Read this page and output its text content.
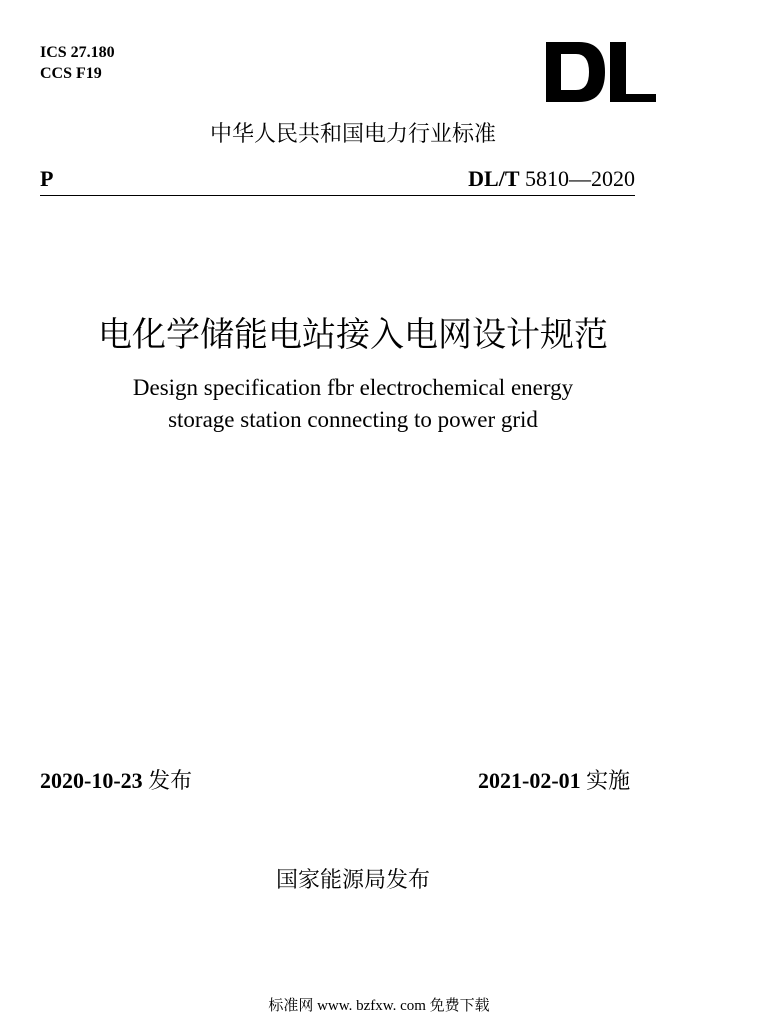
ICS 27.180
CCS F19
中华人民共和国电力行业标准
P	DL/T 5810—2020
电化学储能电站接入电网设计规范
Design specification fbr electrochemical energy
storage station connecting to power grid
2020-10-23 发布	2021-02-01 实施
国家能源局发布
标准网 www. bzfxw. com 免费下载
